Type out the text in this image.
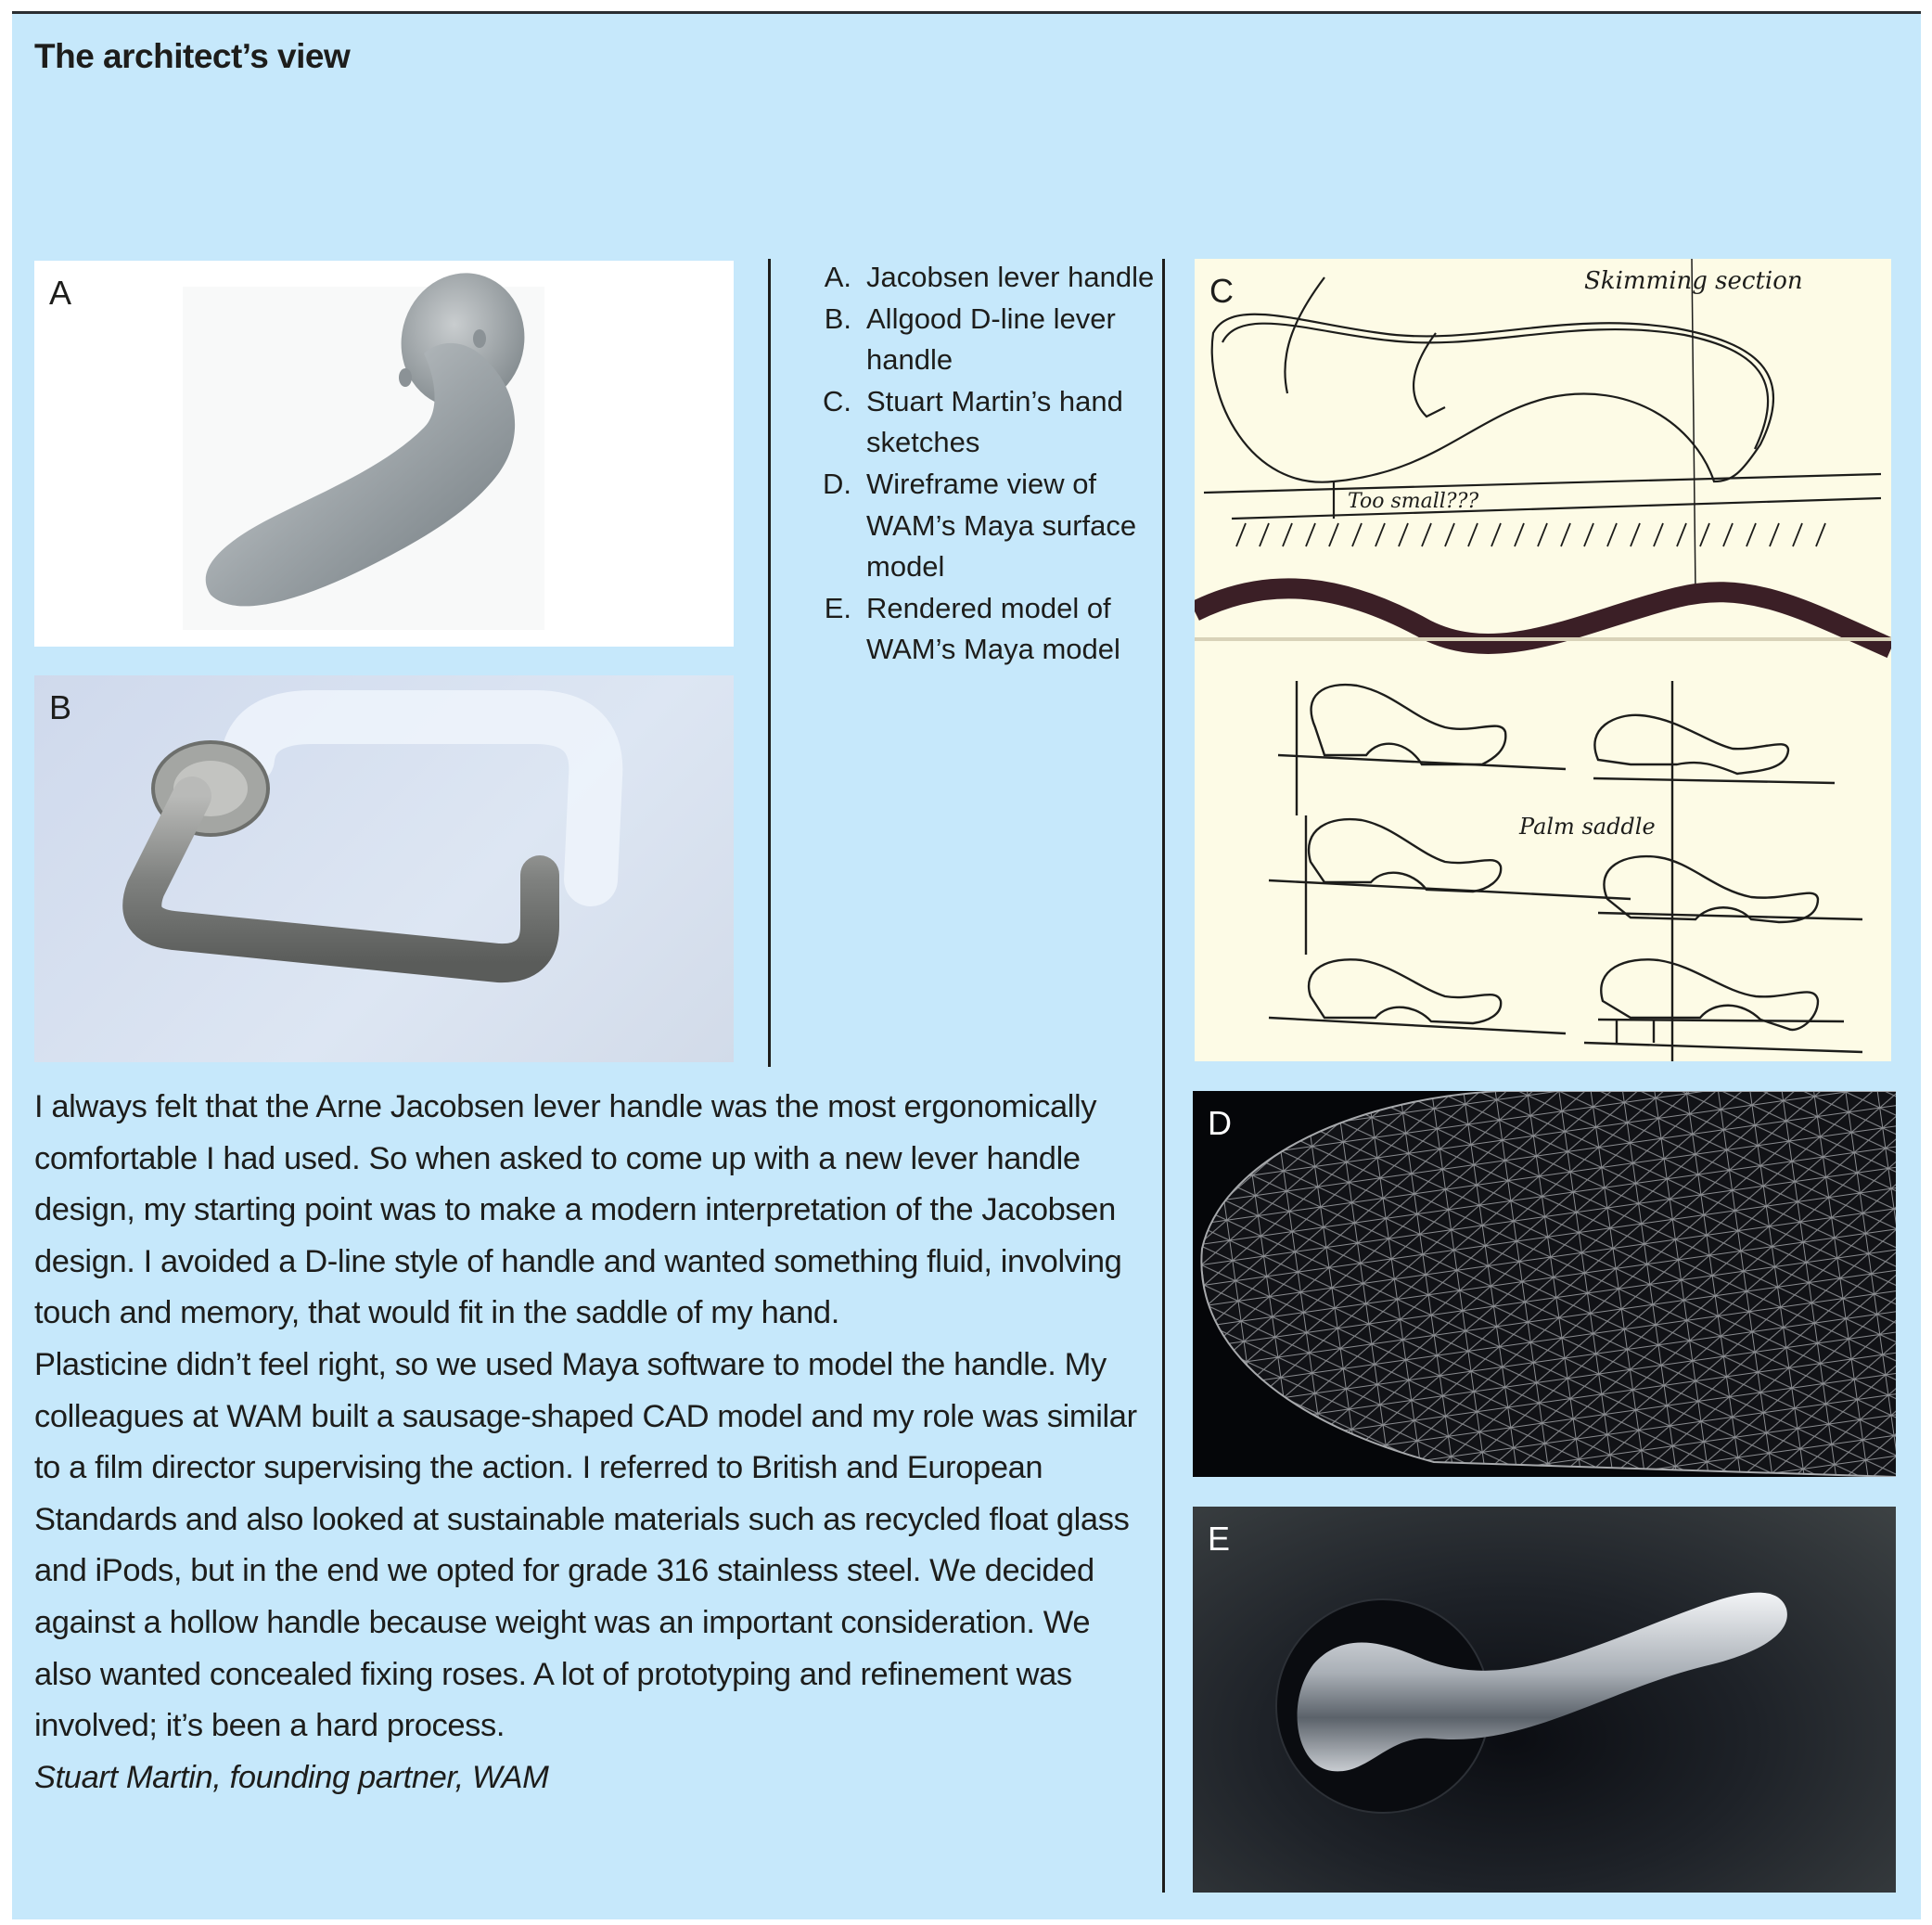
The architect’s view
A
B
A. Jacobsen lever handle
B. Allgood D-line lever handle
C. Stuart Martin’s hand sketches
D. Wireframe view of WAM’s Maya surface model
E. Rendered model of WAM’s Maya model
Skimming section
Too small???
Palm saddle
C
D
E

I always felt that the Arne Jacobsen lever handle was the most ergonomically comfortable I had used. So when asked to come up with a new lever handle design, my starting point was to make a modern interpretation of the Jacobsen design. I avoided a D-line style of handle and wanted something fluid, involving touch and memory, that would fit in the saddle of my hand.

Plasticine didn’t feel right, so we used Maya software to model the handle. My colleagues at WAM built a sausage-shaped CAD model and my role was similar to a film director supervising the action. I referred to British and European Standards and also looked at sustainable materials such as recycled float glass and iPods, but in the end we opted for grade 316 stainless steel. We decided against a hollow handle because weight was an important consideration. We also wanted concealed fixing roses. A lot of prototyping and refinement was involved; it’s been a hard process.

Stuart Martin, founding partner, WAM
